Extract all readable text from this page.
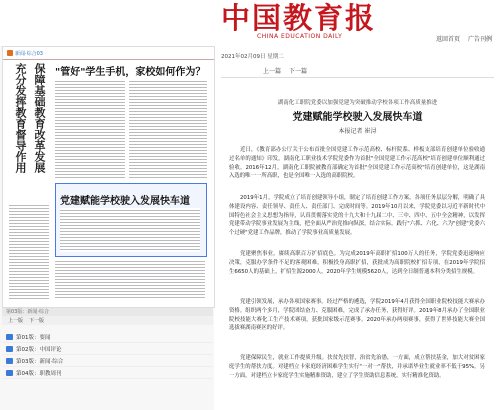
中国教育报
CHINA EDUCATION DAILY	返回首页 广告刊例
新闻·综合03
充分发挥教育督导作用 保障基础教育改革发展 "管好"学生手机，家校如何作为？
党建赋能学校驶入发展快车道
第03版：新闻·综合
上一版 下一版
第01版：要闻
第02版：中国评论
第03版：新闻·综合
第04版：职教周刊
2021年02月09日 星期二
上一篇 下一篇
湖南化工职院党委以加强党建为突破推动学校各项工作高质量推进
党建赋能学校驶入发展快车道
本报记者 崔浔
近日，《教育部办公厅关于公布首批全国党建工作示范高校、标杆院系、样板支部培育创建单位验收通过名单的通知》印发，湖南化工职业技术学院党委作为首批"全国党建工作示范高校"培育创建单位顺利通过验收。2016年12月，湖南化工职院被教育部确定为首批"全国党建工作示范高校"培育创建单位，这是湖南入选的唯一一所高职，也是全国唯一入选的高职院校。
2019年1月，学院成立了培育创建领导小组，制定了培育创建工作方案，各项任务层层分解，明确了具体建设内容、责任领导、责任人、责任部门、完成时间等。2019年10月以来，学院党委以习近平新时代中国特色社会主义思想为指导，认真贯彻落实党的十九大和十九届二中、三中、四中、五中全会精神，以发挥党建带动学院事业发展为主线，把全面从严治党推向纵深，结合实际，践行"六抓、六化、六为"创建"党委六个过硬"党建工作品牌，推动了学院事业高质量发展。
党建聚焦事业，赓续高职百万扩招底色。为完成2019年高职扩招100万人的任务，学院党委迅速响应决策，克服办学条件不足的客观困难，积极投身高职扩招，获批成为高职院校扩招专项，在2019年学院招生6650人的基础上，扩招生源2000人，2020年学生规模5620人，达到全日制普通本科分类招生规模。
党建引领发展，承办各项国家赛事。经过严格的遴选，学院2019年4月获得全国职业院校技能大赛承办资格。组织两个多月，学院团结奋力、克服困难，完成了承办任务，获得好评。2019年8月承办了全国职业院校技能大赛化工生产技术赛项，获批国家级示范赛事。2020年承办两项赛事，获得了世界技能大赛全国选拔赛湖南赛区的好评。
党建保障民生，就业工作提质升级。扶贫先扶智，治贫先治愚，一方面，成立帮扶基金，加大对贫困家庭学生的帮扶力度。对建档立卡家庭经济困难学生实行"一对一"帮扶，并承诺毕业生就业率不低于95%。另一方面，对建档立卡家庭学生实施精准资助，建立了学生资助信息系统，实行精准化资助。
